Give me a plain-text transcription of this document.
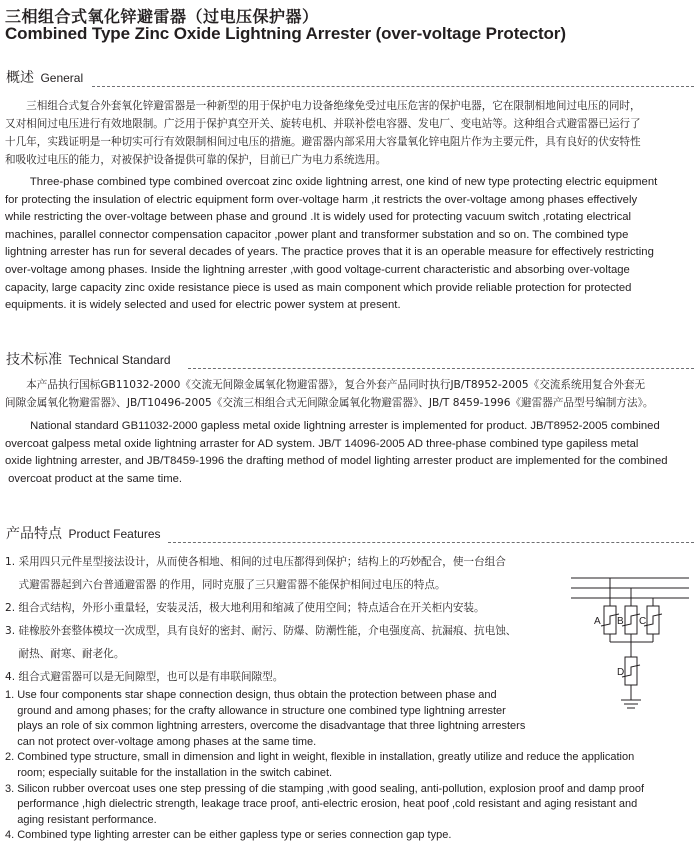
三相组合式氧化锌避雷器（过电压保护器）
Combined Type Zinc Oxide Lightning Arrester (over-voltage Protector)
概述 General
　　三相组合式复合外套氧化锌避雷器是一种新型的用于保护电力设备绝缘免受过电压危害的保护电器，它在限制相地间过电压的同时，
又对相间过电压进行有效地限制。广泛用于保护真空开关、旋转电机、并联补偿电容器、发电厂、变电站等。这种组合式避雷器已运行了
十几年，实践证明是一种切实可行有效限制相间过电压的措施。避雷器内部采用大容量氧化锌电阻片作为主要元件，具有良好的伏安特性
和吸收过电压的能力，对被保护设备提供可靠的保护，目前已广为电力系统选用。
Three-phase combined type combined overcoat zinc oxide lightning arrest, one kind of new type protecting electric equipment
for protecting the insulation of electric equipment form over-voltage harm ,it restricts the over-voltage among phases effectively
while restricting the over-voltage between phase and ground .It is widely used for protecting vacuum switch ,rotating electrical
machines, parallel connector compensation capacitor ,power plant and transformer substation and so on. The combined type
lightning arrester has run for several decades of years. The practice proves that it is an operable measure for effectively restricting
over-voltage among phases. Inside the lightning arrester ,with good voltage-current characteristic and absorbing over-voltage
capacity, large capacity zinc oxide resistance piece is used as main component which provide reliable protection for protected
equipments. it is widely selected and used for electric power system at present.
技术标准 Technical Standard
　　本产品执行国标GB11032-2000《交流无间隙金属氧化物避雷器》，复合外套产品同时执行JB/T8952-2005《交流系统用复合外套无
间隙金属氧化物避雷器》、JB/T10496-2005《交流三相组合式无间隙金属氧化物避雷器》、JB/T 8459-1996《避雷器产品型号编制方法》。
National standard GB11032-2000 gapless metal oxide lightning arrester is implemented for product. JB/T8952-2005 combined
overcoat galpess metal oxide lightning arraster for AD system. JB/T 14096-2005 AD three-phase combined type gapiless metal
oxide lightning arrester, and JB/T8459-1996 the drafting method of model lighting arrester product are implemented for the combined
overcoat product at the same time.
产品特点 Product Features
1. 采用四只元件星型接法设计，从而使各相地、相间的过电压都得到保护；结构上的巧妙配合，使一台组合
式避雷器起到六台普通避雷器 的作用，同时克服了三只避雷器不能保护相间过电压的特点。
2. 组合式结构，外形小重量轻，安装灵活，极大地利用和缩减了使用空间；特点适合在开关柜内安装。
3. 硅橡胶外套整体模坟一次成型，具有良好的密封、耐污、防爆、防潮性能，介电强度高、抗漏痕、抗电蚀、
耐热、耐寒、耐老化。
4. 组合式避雷器可以是无间隙型，也可以是有串联间隙型。
A B C
D
1. Use four components star shape connection design, thus obtain the protection between phase and
ground and among phases; for the crafty allowance in structure one combined type lightning arrester
plays an role of six common lightning arresters, overcome the disadvantage that three lightning arresters
can not protect over-voltage among phases at the same time.
2. Combined type structure, small in dimension and light in weight, flexible in installation, greatly utilize and reduce the application
room; especially suitable for the installation in the switch cabinet.
3. Silicon rubber overcoat uses one step pressing of die stamping ,with good sealing, anti-pollution, explosion proof and damp proof
performance ,high dielectric strength, leakage trace proof, anti-electric erosion, heat poof ,cold resistant and aging resistant and
aging resistant performance.
4. Combined type lighting arrester can be either gapless type or series connection gap type.
